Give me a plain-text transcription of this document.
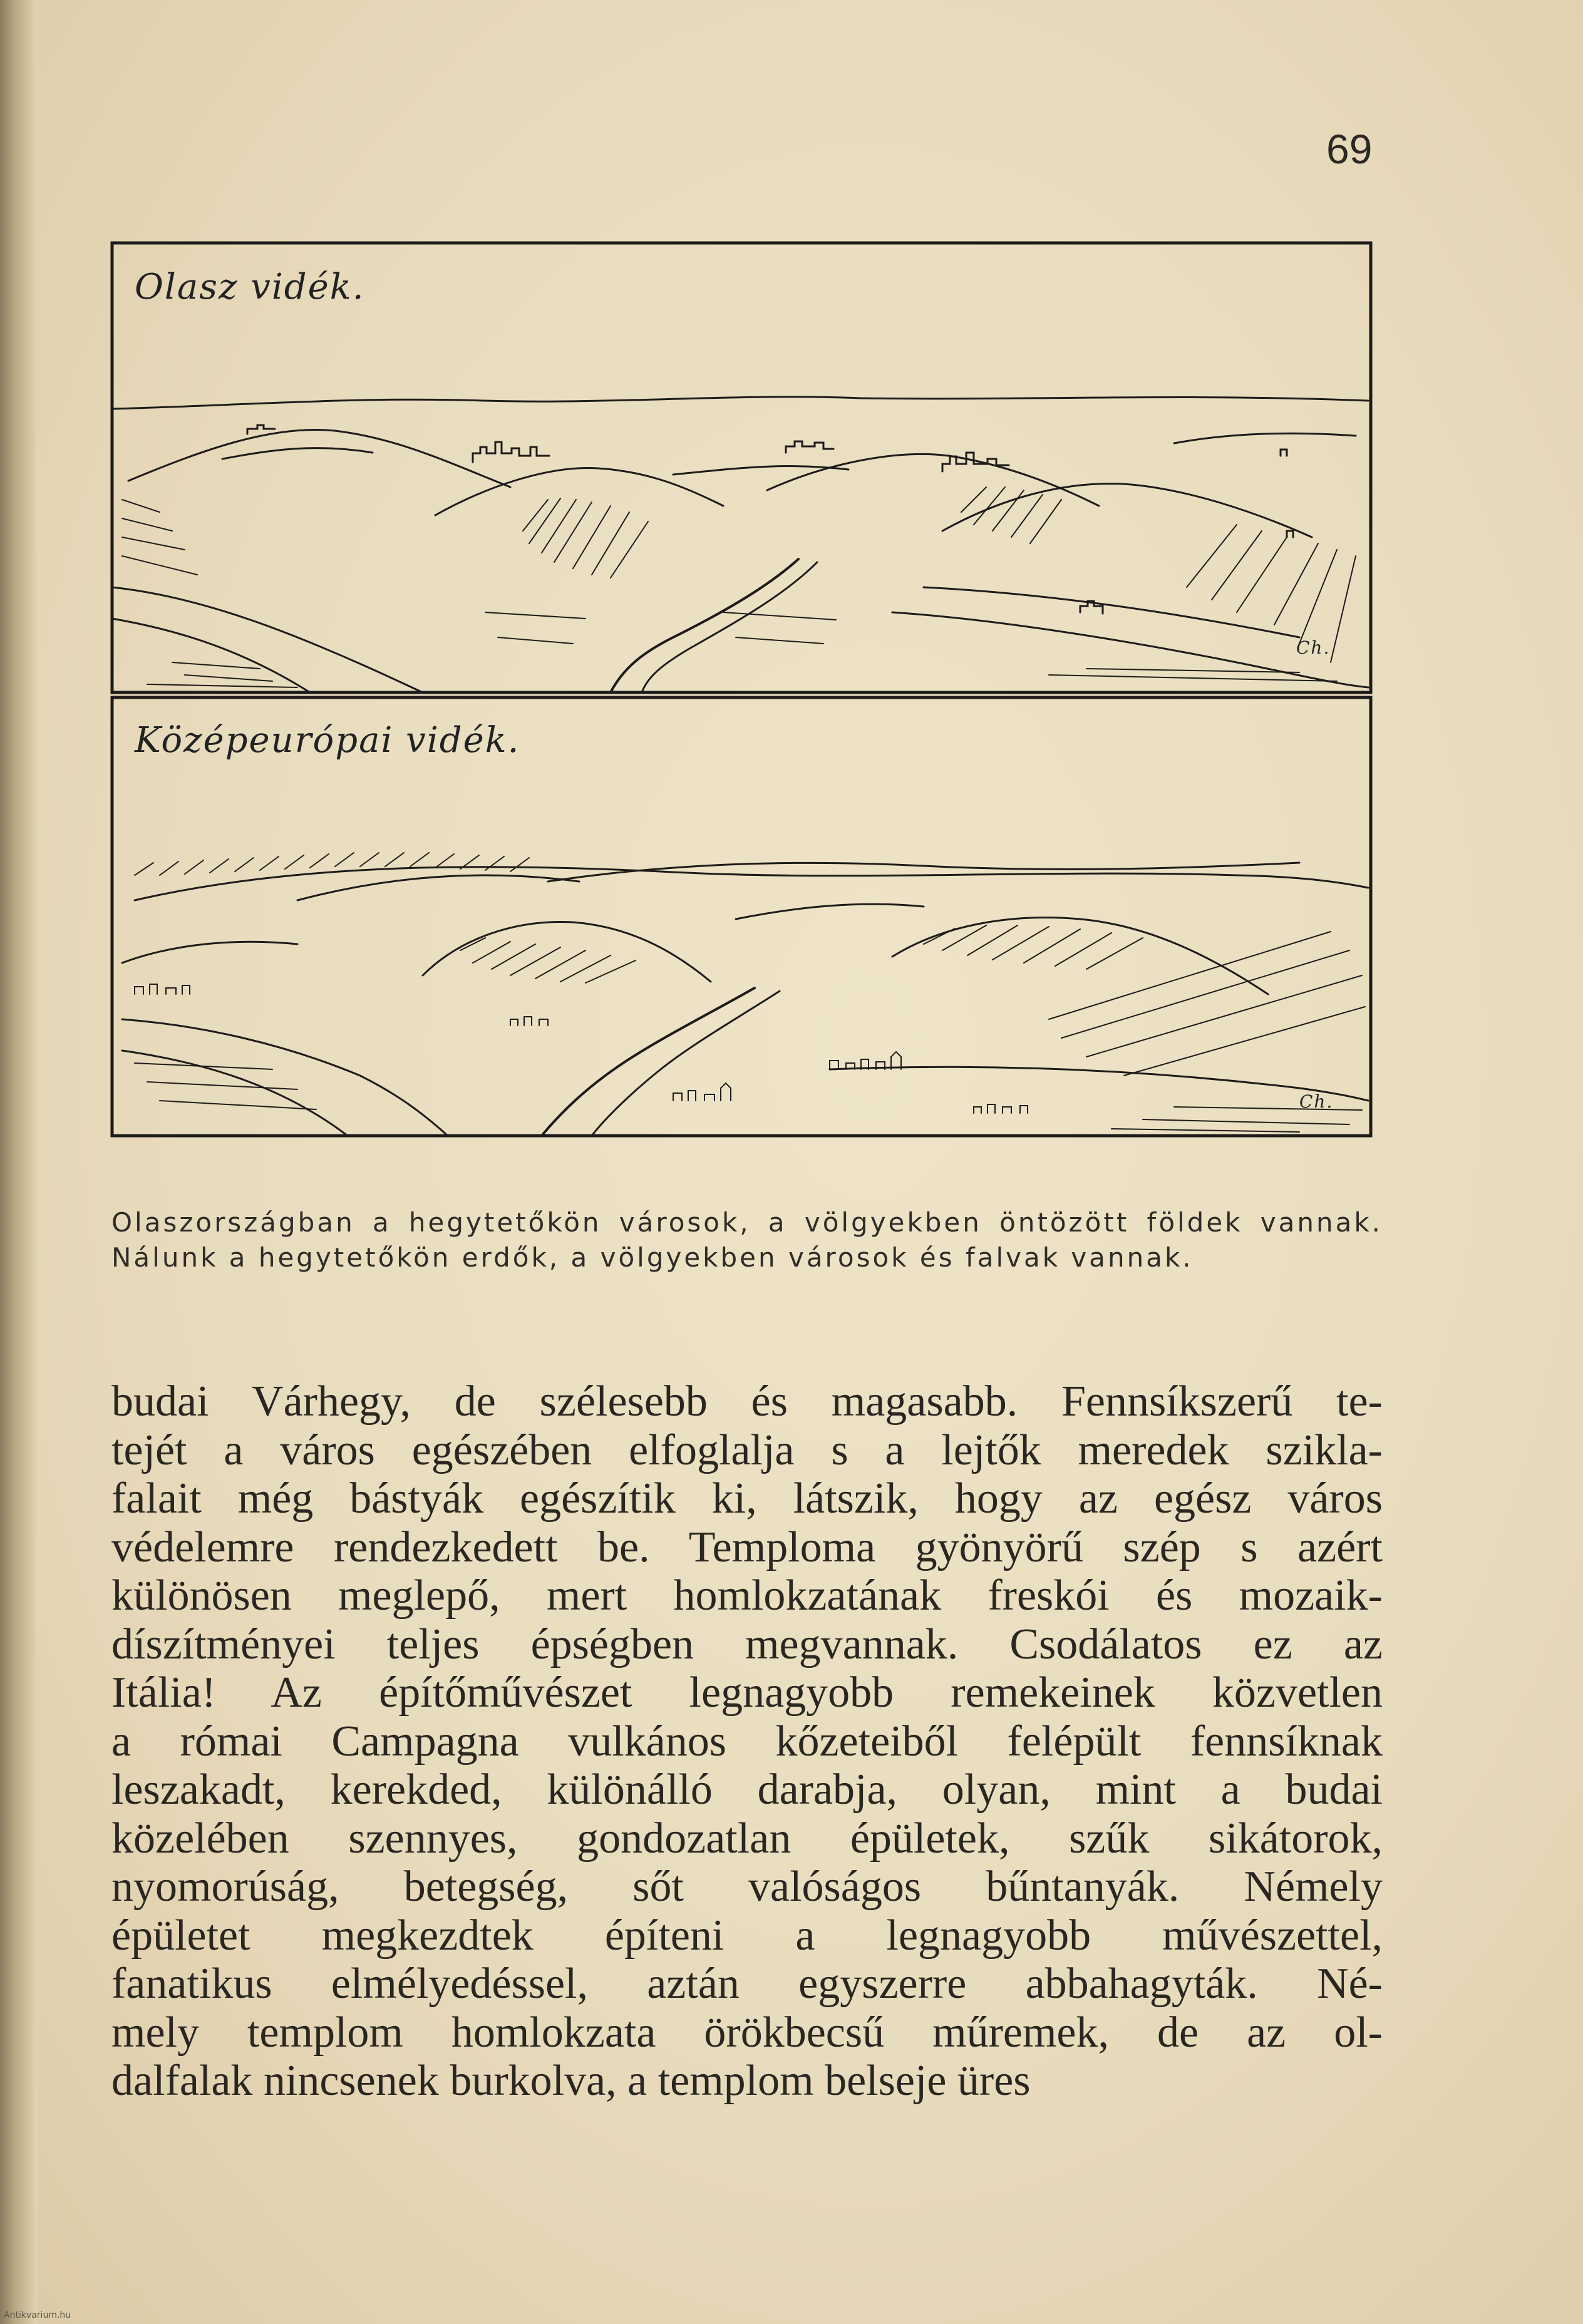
69
Olasz vidék.
Középeurópai vidék.
Ch.
Ch.
Olaszországban a hegytetőkön városok, a völgyekben öntözött földek vannak. Nálunk a hegytetőkön erdők, a völgyekben városok és falvak vannak.
budai Várhegy, de szélesebb és magasabb. Fennsíkszerű te-
tejét a város egészében elfoglalja s a lejtők meredek szikla-
falait még bástyák egészítik ki, látszik, hogy az egész város
védelemre rendezkedett be. Temploma gyönyörű szép s azért
különösen meglepő, mert homlokzatának freskói és mozaik-
díszítményei teljes épségben megvannak. Csodálatos ez az
Itália! Az építőművészet legnagyobb remekeinek közvetlen
a római Campagna vulkános kőzeteiből felépült fennsíknak
leszakadt, kerekded, különálló darabja, olyan, mint a budai
közelében szennyes, gondozatlan épületek, szűk sikátorok,
nyomorúság, betegség, sőt valóságos bűntanyák. Némely
épületet megkezdtek építeni a legnagyobb művészettel,
fanatikus elmélyedéssel, aztán egyszerre abbahagyták. Né-
mely templom homlokzata örökbecsű műremek, de az ol-
dalfalak nincsenek burkolva, a templom belseje üres
Antikvarium.hu
